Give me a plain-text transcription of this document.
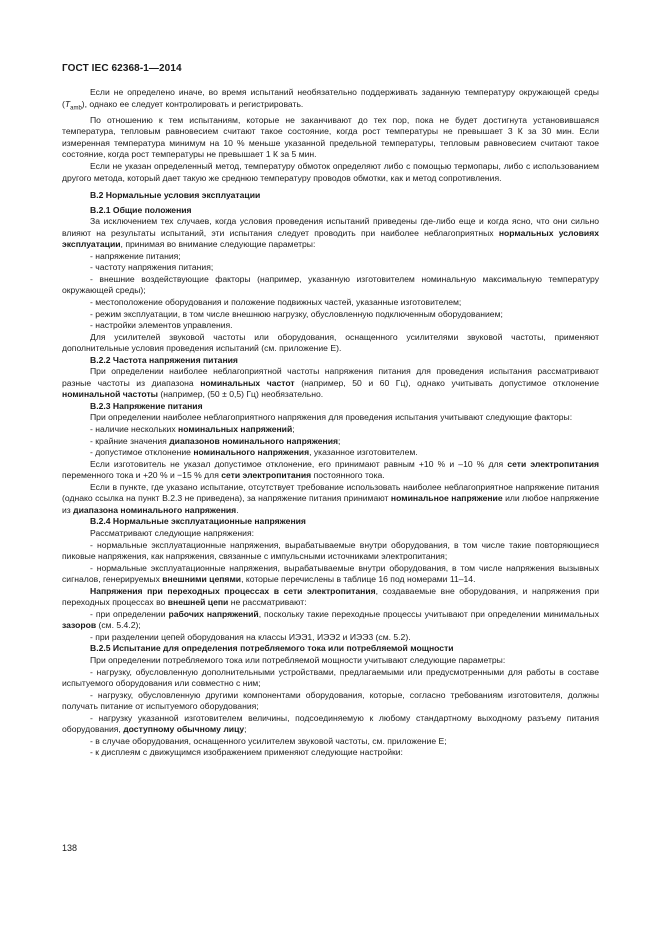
ГОСТ IEC 62368-1—2014

Если не определено иначе, во время испытаний необязательно поддерживать заданную температуру окружающей среды $(T_{amb})$, однако ее следует контролировать и регистрировать.

По отношению к тем испытаниям, которые не заканчивают до тех пор, пока не будет достигнута установившаяся температура, тепловым равновесием считают такое состояние, когда рост температуры не превышает 3 К за 30 мин. Если измеренная температура минимум на 10 % меньше указанной предельной температуры, тепловым равновесием считают такое состояние, когда рост температуры не превышает 1 К за 5 мин.

Если не указан определенный метод, температуру обмоток определяют либо с помощью термопары, либо с использованием другого метода, который дает такую же среднюю температуру проводов обмотки, как и метод сопротивления.

В.2 Нормальные условия эксплуатации

В.2.1 Общие положения

За исключением тех случаев, когда условия проведения испытаний приведены где-либо еще и когда ясно, что они сильно влияют на результаты испытаний, эти испытания следует проводить при наиболее неблагоприятных нормальных условиях эксплуатации, принимая во внимание следующие параметры:

- напряжение питания;

- частоту напряжения питания;

- внешние воздействующие факторы (например, указанную изготовителем номинальную максимальную температуру окружающей среды);

- местоположение оборудования и положение подвижных частей, указанные изготовителем;

- режим эксплуатации, в том числе внешнюю нагрузку, обусловленную подключенным оборудованием;

- настройки элементов управления.

Для усилителей звуковой частоты или оборудования, оснащенного усилителями звуковой частоты, применяют дополнительные условия проведения испытаний (см. приложение Е).

В.2.2 Частота напряжения питания

При определении наиболее неблагоприятной частоты напряжения питания для проведения испытания рассматривают разные частоты из диапазона номинальных частот (например, 50 и 60 Гц), однако учитывать допустимое отклонение номинальной частоты (например, (50 ± 0,5) Гц) необязательно.

В.2.3 Напряжение питания

При определении наиболее неблагоприятного напряжения для проведения испытания учитывают следующие факторы:

- наличие нескольких номинальных напряжений;

- крайние значения диапазонов номинального напряжения;

- допустимое отклонение номинального напряжения, указанное изготовителем.

Если изготовитель не указал допустимое отклонение, его принимают равным +10 % и –10 % для сети электропитания переменного тока и +20 % и −15 % для сети электропитания постоянного тока.

Если в пункте, где указано испытание, отсутствует требование использовать наиболее неблагоприятное напряжение питания (однако ссылка на пункт В.2.3 не приведена), за напряжение питания принимают номинальное напряжение или любое напряжение из диапазона номинального напряжения.

В.2.4 Нормальные эксплуатационные напряжения

Рассматривают следующие напряжения:

- нормальные эксплуатационные напряжения, вырабатываемые внутри оборудования, в том числе такие повторяющиеся пиковые напряжения, как напряжения, связанные с импульсными источниками электропитания;

- нормальные эксплуатационные напряжения, вырабатываемые внутри оборудования, в том числе напряжения вызывных сигналов, генерируемых внешними цепями, которые перечислены в таблице 16 под номерами 11–14.

Напряжения при переходных процессах в сети электропитания, создаваемые вне оборудования, и напряжения при переходных процессах во внешней цепи не рассматривают:

- при определении рабочих напряжений, поскольку такие переходные процессы учитывают при определении минимальных зазоров (см. 5.4.2);

- при разделении цепей оборудования на классы ИЭЭ1, ИЭЭ2 и ИЭЭ3 (см. 5.2).

В.2.5 Испытание для определения потребляемого тока или потребляемой мощности

При определении потребляемого тока или потребляемой мощности учитывают следующие параметры:

- нагрузку, обусловленную дополнительными устройствами, предлагаемыми или предусмотренными для работы в составе испытуемого оборудования или совместно с ним;

- нагрузку, обусловленную другими компонентами оборудования, которые, согласно требованиям изготовителя, должны получать питание от испытуемого оборудования;

- нагрузку указанной изготовителем величины, подсоединяемую к любому стандартному выходному разъему питания оборудования, доступному обычному лицу;

- в случае оборудования, оснащенного усилителем звуковой частоты, см. приложение Е;

- к дисплеям с движущимся изображением применяют следующие настройки:

138
